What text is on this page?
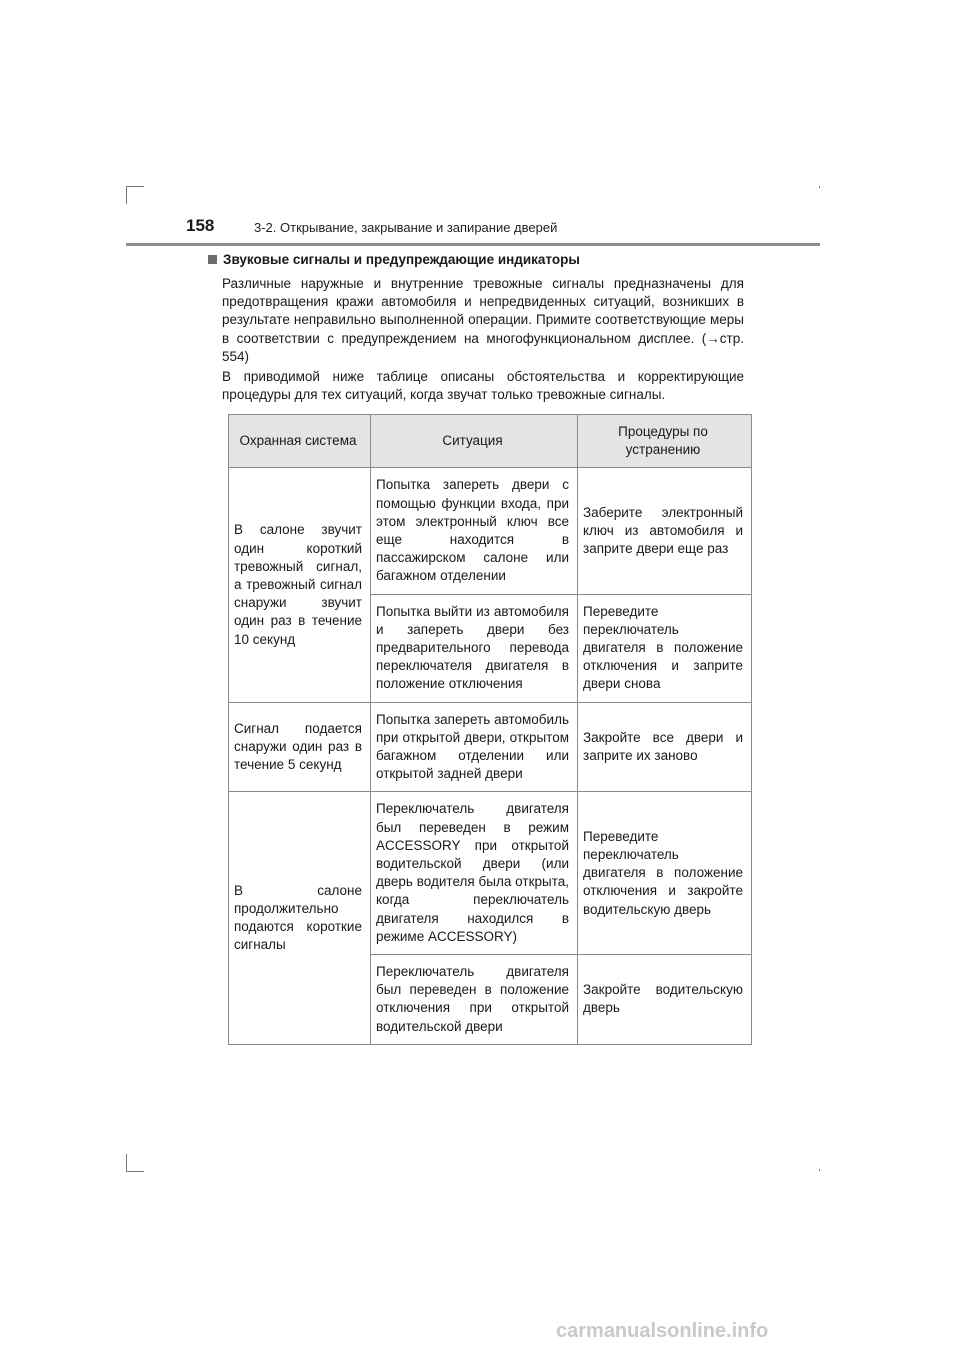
158	3-2. Открывание, закрывание и запирание дверей
Звуковые сигналы и предупреждающие индикаторы
Различные наружные и внутренние тревожные сигналы предназначены для предотвращения кражи автомобиля и непредвиденных ситуаций, возникших в результате неправильно выполненной операции. Примите соответствующие меры в соответствии с предупреждением на многофункциональном дисплее. (→стр. 554)
В приводимой ниже таблице описаны обстоятельства и корректирующие процедуры для тех ситуаций, когда звучат только тревожные сигналы.
Охранная система	Ситуация	Процедуры по устранению
В салоне звучит один короткий тревожный сигнал, а тревожный сигнал снаружи звучит один раз в течение 10 секунд	Попытка запереть двери с помощью функции входа, при этом электронный ключ все еще находится в пассажирском салоне или багажном отделении	Заберите электронный ключ из автомобиля и заприте двери еще раз
	Попытка выйти из автомобиля и запереть двери без предварительного перевода переключателя двигателя в положение отключения	Переведите переключатель двигателя в положение отключения и заприте двери снова
Сигнал подается снаружи один раз в течение 5 секунд	Попытка запереть автомобиль при открытой двери, открытом багажном отделении или открытой задней двери	Закройте все двери и заприте их заново
В салоне продолжительно подаются короткие сигналы	Переключатель двигателя был переведен в режим ACCESSORY при открытой водительской двери (или дверь водителя была открыта, когда переключатель двигателя находился в режиме ACCESSORY)	Переведите переключатель двигателя в положение отключения и закройте водительскую дверь
	Переключатель двигателя был переведен в положение отключения при открытой водительской двери	Закройте водительскую дверь
carmanualsonline.info
